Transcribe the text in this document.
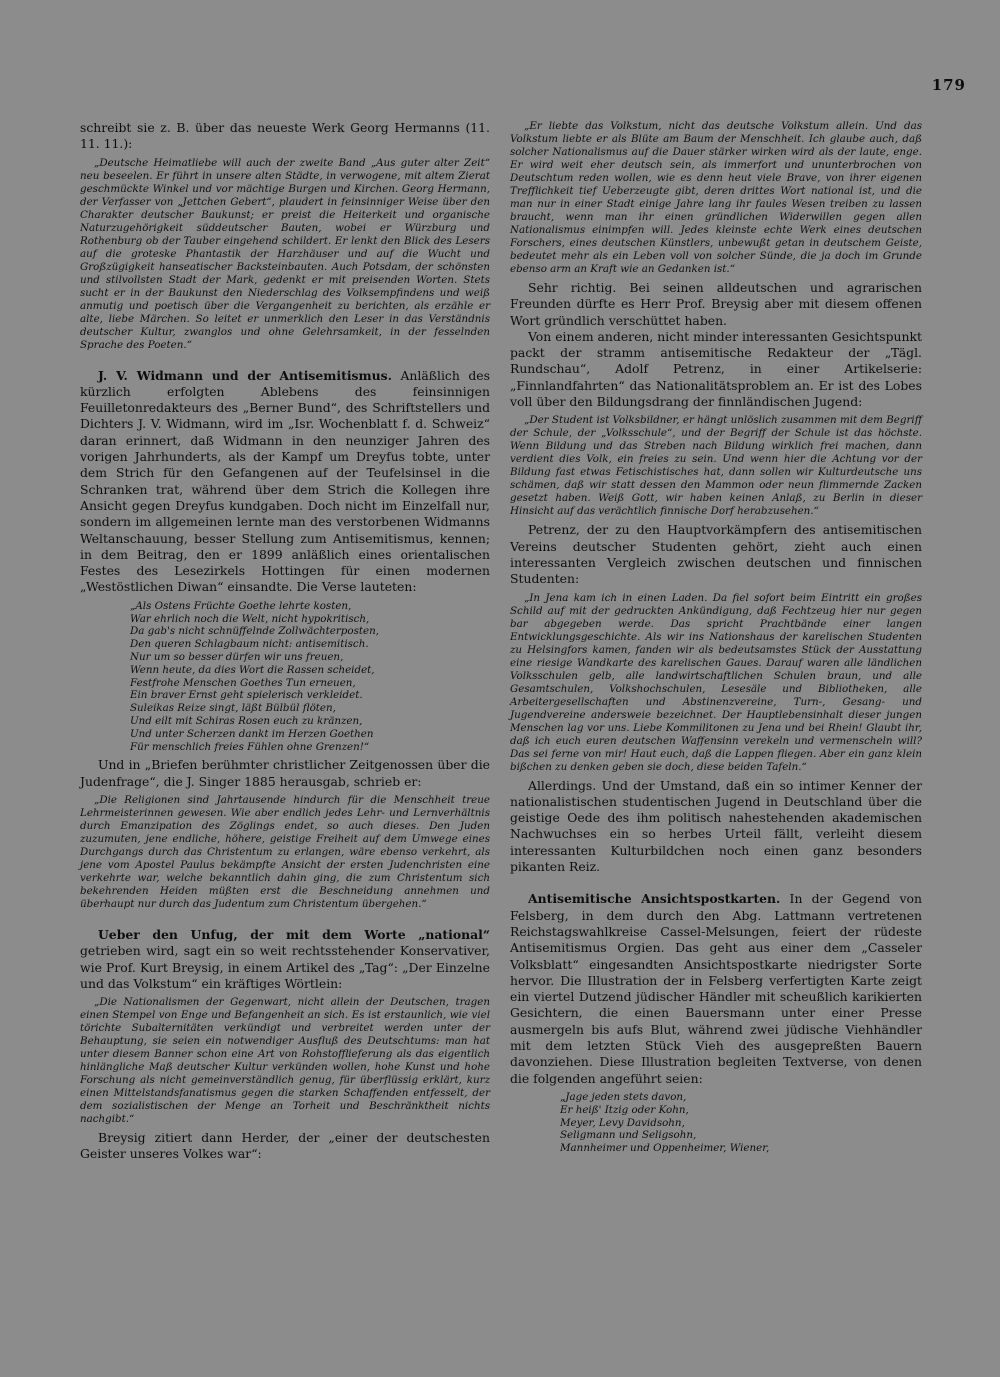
179

schreibt sie z. B. über das neueste Werk Georg Hermanns (11. 11. 11.):

„Deutsche Heimatliebe will auch der zweite Band „Aus guter alter Zeit“ neu beseelen. Er führt in unsere alten Städte, in verwogene, mit altem Zierat geschmückte Winkel und vor mächtige Burgen und Kirchen. Georg Hermann, der Verfasser von „Jettchen Gebert“, plaudert in feinsinniger Weise über den Charakter deutscher Baukunst; er preist die Heiterkeit und organische Naturzugehörigkeit süddeutscher Bauten, wobei er Würzburg und Rothenburg ob der Tauber eingehend schildert. Er lenkt den Blick des Lesers auf die groteske Phantastik der Harzhäuser und auf die Wucht und Großzügigkeit hanseatischer Backsteinbauten. Auch Potsdam, der schönsten und stilvollsten Stadt der Mark, gedenkt er mit preisenden Worten. Stets sucht er in der Baukunst den Niederschlag des Volksempfindens und weiß anmutig und poetisch über die Vergangenheit zu berichten, als erzähle er alte, liebe Märchen. So leitet er unmerklich den Leser in das Verständnis deutscher Kultur, zwanglos und ohne Gelehrsamkeit, in der fesselnden Sprache des Poeten.“

J. V. Widmann und der Antisemitismus. Anläßlich des kürzlich erfolgten Ablebens des feinsinnigen Feuilletonredakteurs des „Berner Bund“, des Schriftstellers und Dichters J. V. Widmann, wird im „Isr. Wochenblatt f. d. Schweiz“ daran erinnert, daß Widmann in den neunziger Jahren des vorigen Jahrhunderts, als der Kampf um Dreyfus tobte, unter dem Strich für den Gefangenen auf der Teufelsinsel in die Schranken trat, während über dem Strich die Kollegen ihre Ansicht gegen Dreyfus kundgaben. Doch nicht im Einzelfall nur, sondern im allgemeinen lernte man des verstorbenen Widmanns Weltanschauung, besser Stellung zum Antisemitismus, kennen; in dem Beitrag, den er 1899 anläßlich eines orientalischen Festes des Lesezirkels Hottingen für einen modernen „Westöstlichen Diwan“ einsandte. Die Verse lauteten:

„Als Ostens Früchte Goethe lehrte kosten,
War ehrlich noch die Welt, nicht hypokritisch,
Da gab's nicht schnüffelnde Zollwächterposten,
Den queren Schlagbaum nicht: antisemitisch.
Nur um so besser dürfen wir uns freuen,
Wenn heute, da dies Wort die Rassen scheidet,
Festfrohe Menschen Goethes Tun erneuen,
Ein braver Ernst geht spielerisch verkleidet.
Suleikas Reize singt, läßt Bülbül flöten,
Und eilt mit Schiras Rosen euch zu kränzen,
Und unter Scherzen dankt im Herzen Goethen
Für menschlich freies Fühlen ohne Grenzen!“

Und in „Briefen berühmter christlicher Zeitgenossen über die Judenfrage“, die J. Singer 1885 herausgab, schrieb er:

„Die Religionen sind Jahrtausende hindurch für die Menschheit treue Lehrmeisterinnen gewesen. Wie aber endlich jedes Lehr- und Lernverhältnis durch Emanzipation des Zöglings endet, so auch dieses. Den Juden zuzumuten, jene endliche, höhere, geistige Freiheit auf dem Umwege eines Durchgangs durch das Christentum zu erlangen, wäre ebenso verkehrt, als jene vom Apostel Paulus bekämpfte Ansicht der ersten Judenchristen eine verkehrte war, welche bekanntlich dahin ging, die zum Christentum sich bekehrenden Heiden müßten erst die Beschneidung annehmen und überhaupt nur durch das Judentum zum Christentum übergehen.“

Ueber den Unfug, der mit dem Worte „national“ getrieben wird, sagt ein so weit rechtsstehender Konservativer, wie Prof. Kurt Breysig, in einem Artikel des „Tag“: „Der Einzelne und das Volkstum“ ein kräftiges Wörtlein:

„Die Nationalismen der Gegenwart, nicht allein der Deutschen, tragen einen Stempel von Enge und Befangenheit an sich. Es ist erstaunlich, wie viel törichte Subalternitäten verkündigt und verbreitet werden unter der Behauptung, sie seien ein notwendiger Ausfluß des Deutschtums: man hat unter diesem Banner schon eine Art von Rohstofflieferung als das eigentlich hinlängliche Maß deutscher Kultur verkünden wollen, hohe Kunst und hohe Forschung als nicht gemeinverständlich genug, für überflüssig erklärt, kurz einen Mittelstandsfanatismus gegen die starken Schaffenden entfesselt, der dem sozialistischen der Menge an Torheit und Beschränktheit nichts nachgibt.“

Breysig zitiert dann Herder, der „einer der deutschesten Geister unseres Volkes war“:

„Er liebte das Volkstum, nicht das deutsche Volkstum allein. Und das Volkstum liebte er als Blüte am Baum der Menschheit. Ich glaube auch, daß solcher Nationalismus auf die Dauer stärker wirken wird als der laute, enge. Er wird weit eher deutsch sein, als immerfort und ununterbrochen von Deutschtum reden wollen, wie es denn heut viele Brave, von ihrer eigenen Trefflichkeit tief Ueberzeugte gibt, deren drittes Wort national ist, und die man nur in einer Stadt einige Jahre lang ihr faules Wesen treiben zu lassen braucht, wenn man ihr einen gründlichen Widerwillen gegen allen Nationalismus einimpfen will. Jedes kleinste echte Werk eines deutschen Forschers, eines deutschen Künstlers, unbewußt getan in deutschem Geiste, bedeutet mehr als ein Leben voll von solcher Sünde, die ja doch im Grunde ebenso arm an Kraft wie an Gedanken ist.“

Sehr richtig. Bei seinen alldeutschen und agrarischen Freunden dürfte es Herr Prof. Breysig aber mit diesem offenen Wort gründlich verschüttet haben.

Von einem anderen, nicht minder interessanten Gesichtspunkt packt der stramm antisemitische Redakteur der „Tägl. Rundschau“, Adolf Petrenz, in einer Artikelserie: „Finnlandfahrten“ das Nationalitätsproblem an. Er ist des Lobes voll über den Bildungsdrang der finnländischen Jugend:

„Der Student ist Volksbildner, er hängt unlöslich zusammen mit dem Begriff der Schule, der „Volksschule“, und der Begriff der Schule ist das höchste. Wenn Bildung und das Streben nach Bildung wirklich frei machen, dann verdient dies Volk, ein freies zu sein. Und wenn hier die Achtung vor der Bildung fast etwas Fetischistisches hat, dann sollen wir Kulturdeutsche uns schämen, daß wir statt dessen den Mammon oder neun flimmernde Zacken gesetzt haben. Weiß Gott, wir haben keinen Anlaß, zu Berlin in dieser Hinsicht auf das verächtlich finnische Dorf herabzusehen.“

Petrenz, der zu den Hauptvorkämpfern des antisemitischen Vereins deutscher Studenten gehört, zieht auch einen interessanten Vergleich zwischen deutschen und finnischen Studenten:

„In Jena kam ich in einen Laden. Da fiel sofort beim Eintritt ein großes Schild auf mit der gedruckten Ankündigung, daß Fechtzeug hier nur gegen bar abgegeben werde. Das spricht Prachtbände einer langen Entwicklungsgeschichte. Als wir ins Nationshaus der karelischen Studenten zu Helsingfors kamen, fanden wir als bedeutsamstes Stück der Ausstattung eine riesige Wandkarte des karelischen Gaues. Darauf waren alle ländlichen Volksschulen gelb, alle landwirtschaftlichen Schulen braun, und alle Gesamtschulen, Volkshochschulen, Lesesäle und Bibliotheken, alle Arbeitergesellschaften und Abstinenzvereine, Turn-, Gesang- und Jugendvereine andersweie bezeichnet. Der Hauptlebensinhalt dieser jungen Menschen lag vor uns. Liebe Kommilitonen zu Jena und bei Rhein! Glaubt ihr, daß ich euch euren deutschen Waffensinn verekeln und vermenscheln will? Das sei ferne von mir! Haut euch, daß die Lappen fliegen. Aber ein ganz klein bißchen zu denken geben sie doch, diese beiden Tafeln.“

Allerdings. Und der Umstand, daß ein so intimer Kenner der nationalistischen studentischen Jugend in Deutschland über die geistige Oede des ihm politisch nahestehenden akademischen Nachwuchses ein so herbes Urteil fällt, verleiht diesem interessanten Kulturbildchen noch einen ganz besonders pikanten Reiz.

Antisemitische Ansichtspostkarten. In der Gegend von Felsberg, in dem durch den Abg. Lattmann vertretenen Reichstagswahlkreise Cassel-Melsungen, feiert der rüdeste Antisemitismus Orgien. Das geht aus einer dem „Casseler Volksblatt“ eingesandten Ansichtspostkarte niedrigster Sorte hervor. Die Illustration der in Felsberg verfertigten Karte zeigt ein viertel Dutzend jüdischer Händler mit scheußlich karikierten Gesichtern, die einen Bauersmann unter einer Presse ausmergeln bis aufs Blut, während zwei jüdische Viehhändler mit dem letzten Stück Vieh des ausgepreßten Bauern davonziehen. Diese Illustration begleiten Textverse, von denen die folgenden angeführt seien:

„Jage jeden stets davon,
Er heiß' Itzig oder Kohn,
Meyer, Levy Davidsohn,
Seligmann und Seligsohn,
Mannheimer und Oppenheimer, Wiener,
